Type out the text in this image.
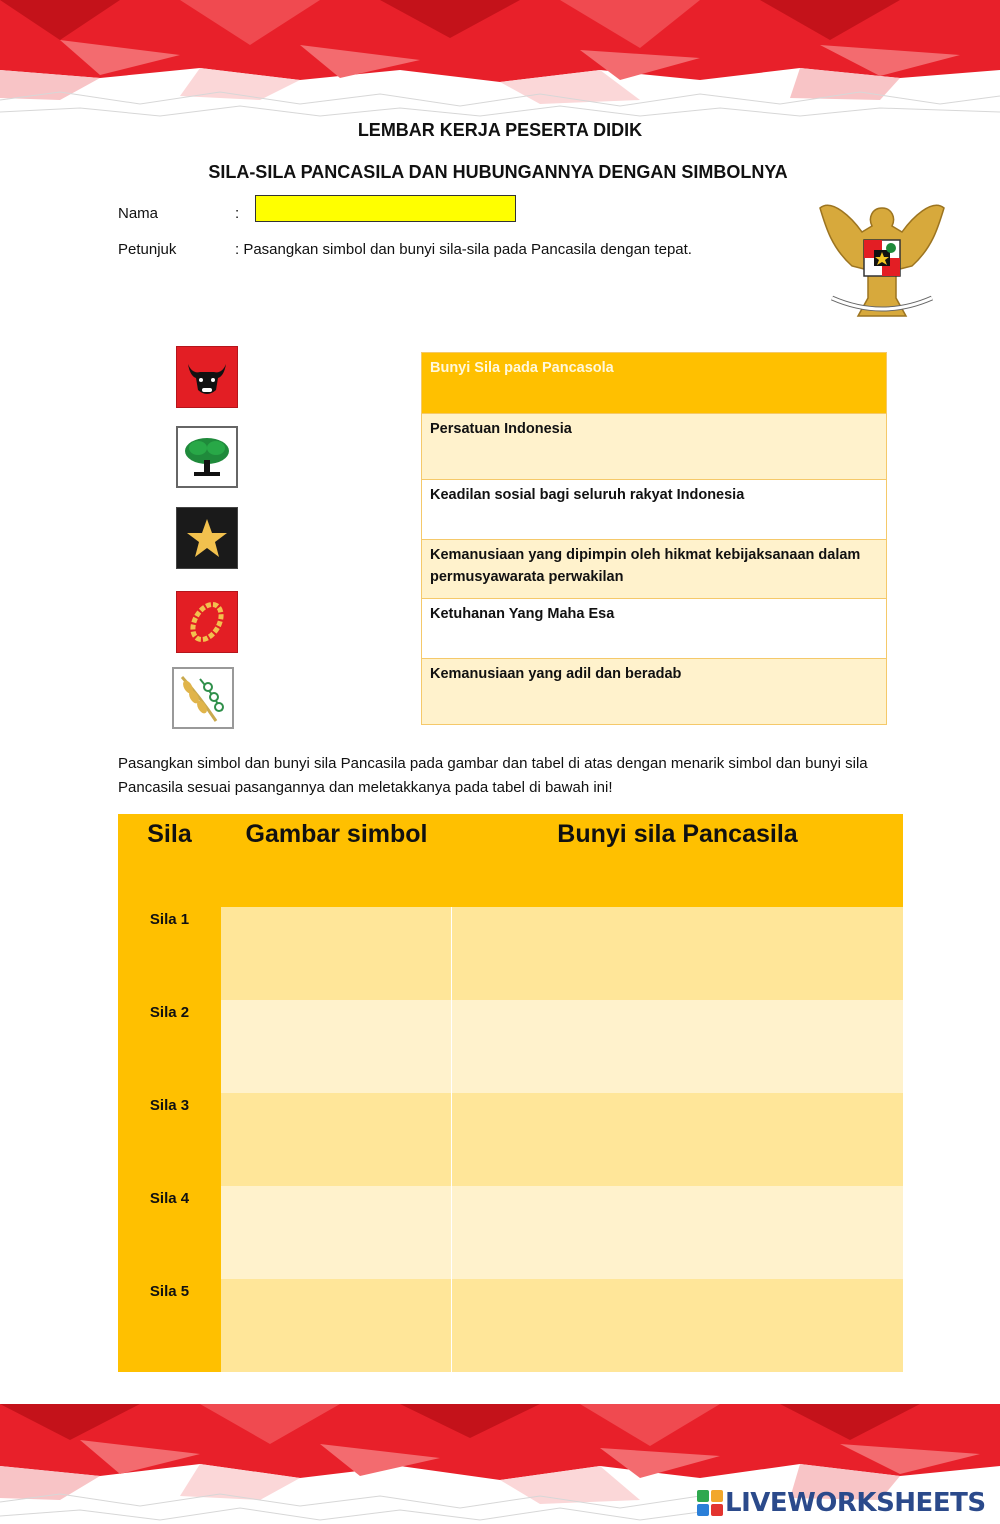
LEMBAR KERJA PESERTA DIDIK
SILA-SILA PANCASILA DAN HUBUNGANNYA DENGAN SIMBOLNYA
Nama	:
Petunjuk	: Pasangkan simbol dan bunyi sila-sila pada Pancasila dengan tepat.
Bunyi Sila pada Pancasola
Persatuan Indonesia
Keadilan sosial bagi seluruh rakyat Indonesia
Kemanusiaan yang dipimpin oleh hikmat kebijaksanaan dalam permusyawarata perwakilan
Ketuhanan Yang Maha Esa
Kemanusiaan yang adil dan beradab
Pasangkan simbol dan bunyi sila Pancasila pada gambar dan tabel di atas dengan menarik simbol dan bunyi sila Pancasila sesuai pasangannya dan meletakkanya pada tabel di bawah ini!
Sila	Gambar simbol	Bunyi sila Pancasila
Sila 1
Sila 2
Sila 3
Sila 4
Sila 5
LIVEWORKSHEETS
